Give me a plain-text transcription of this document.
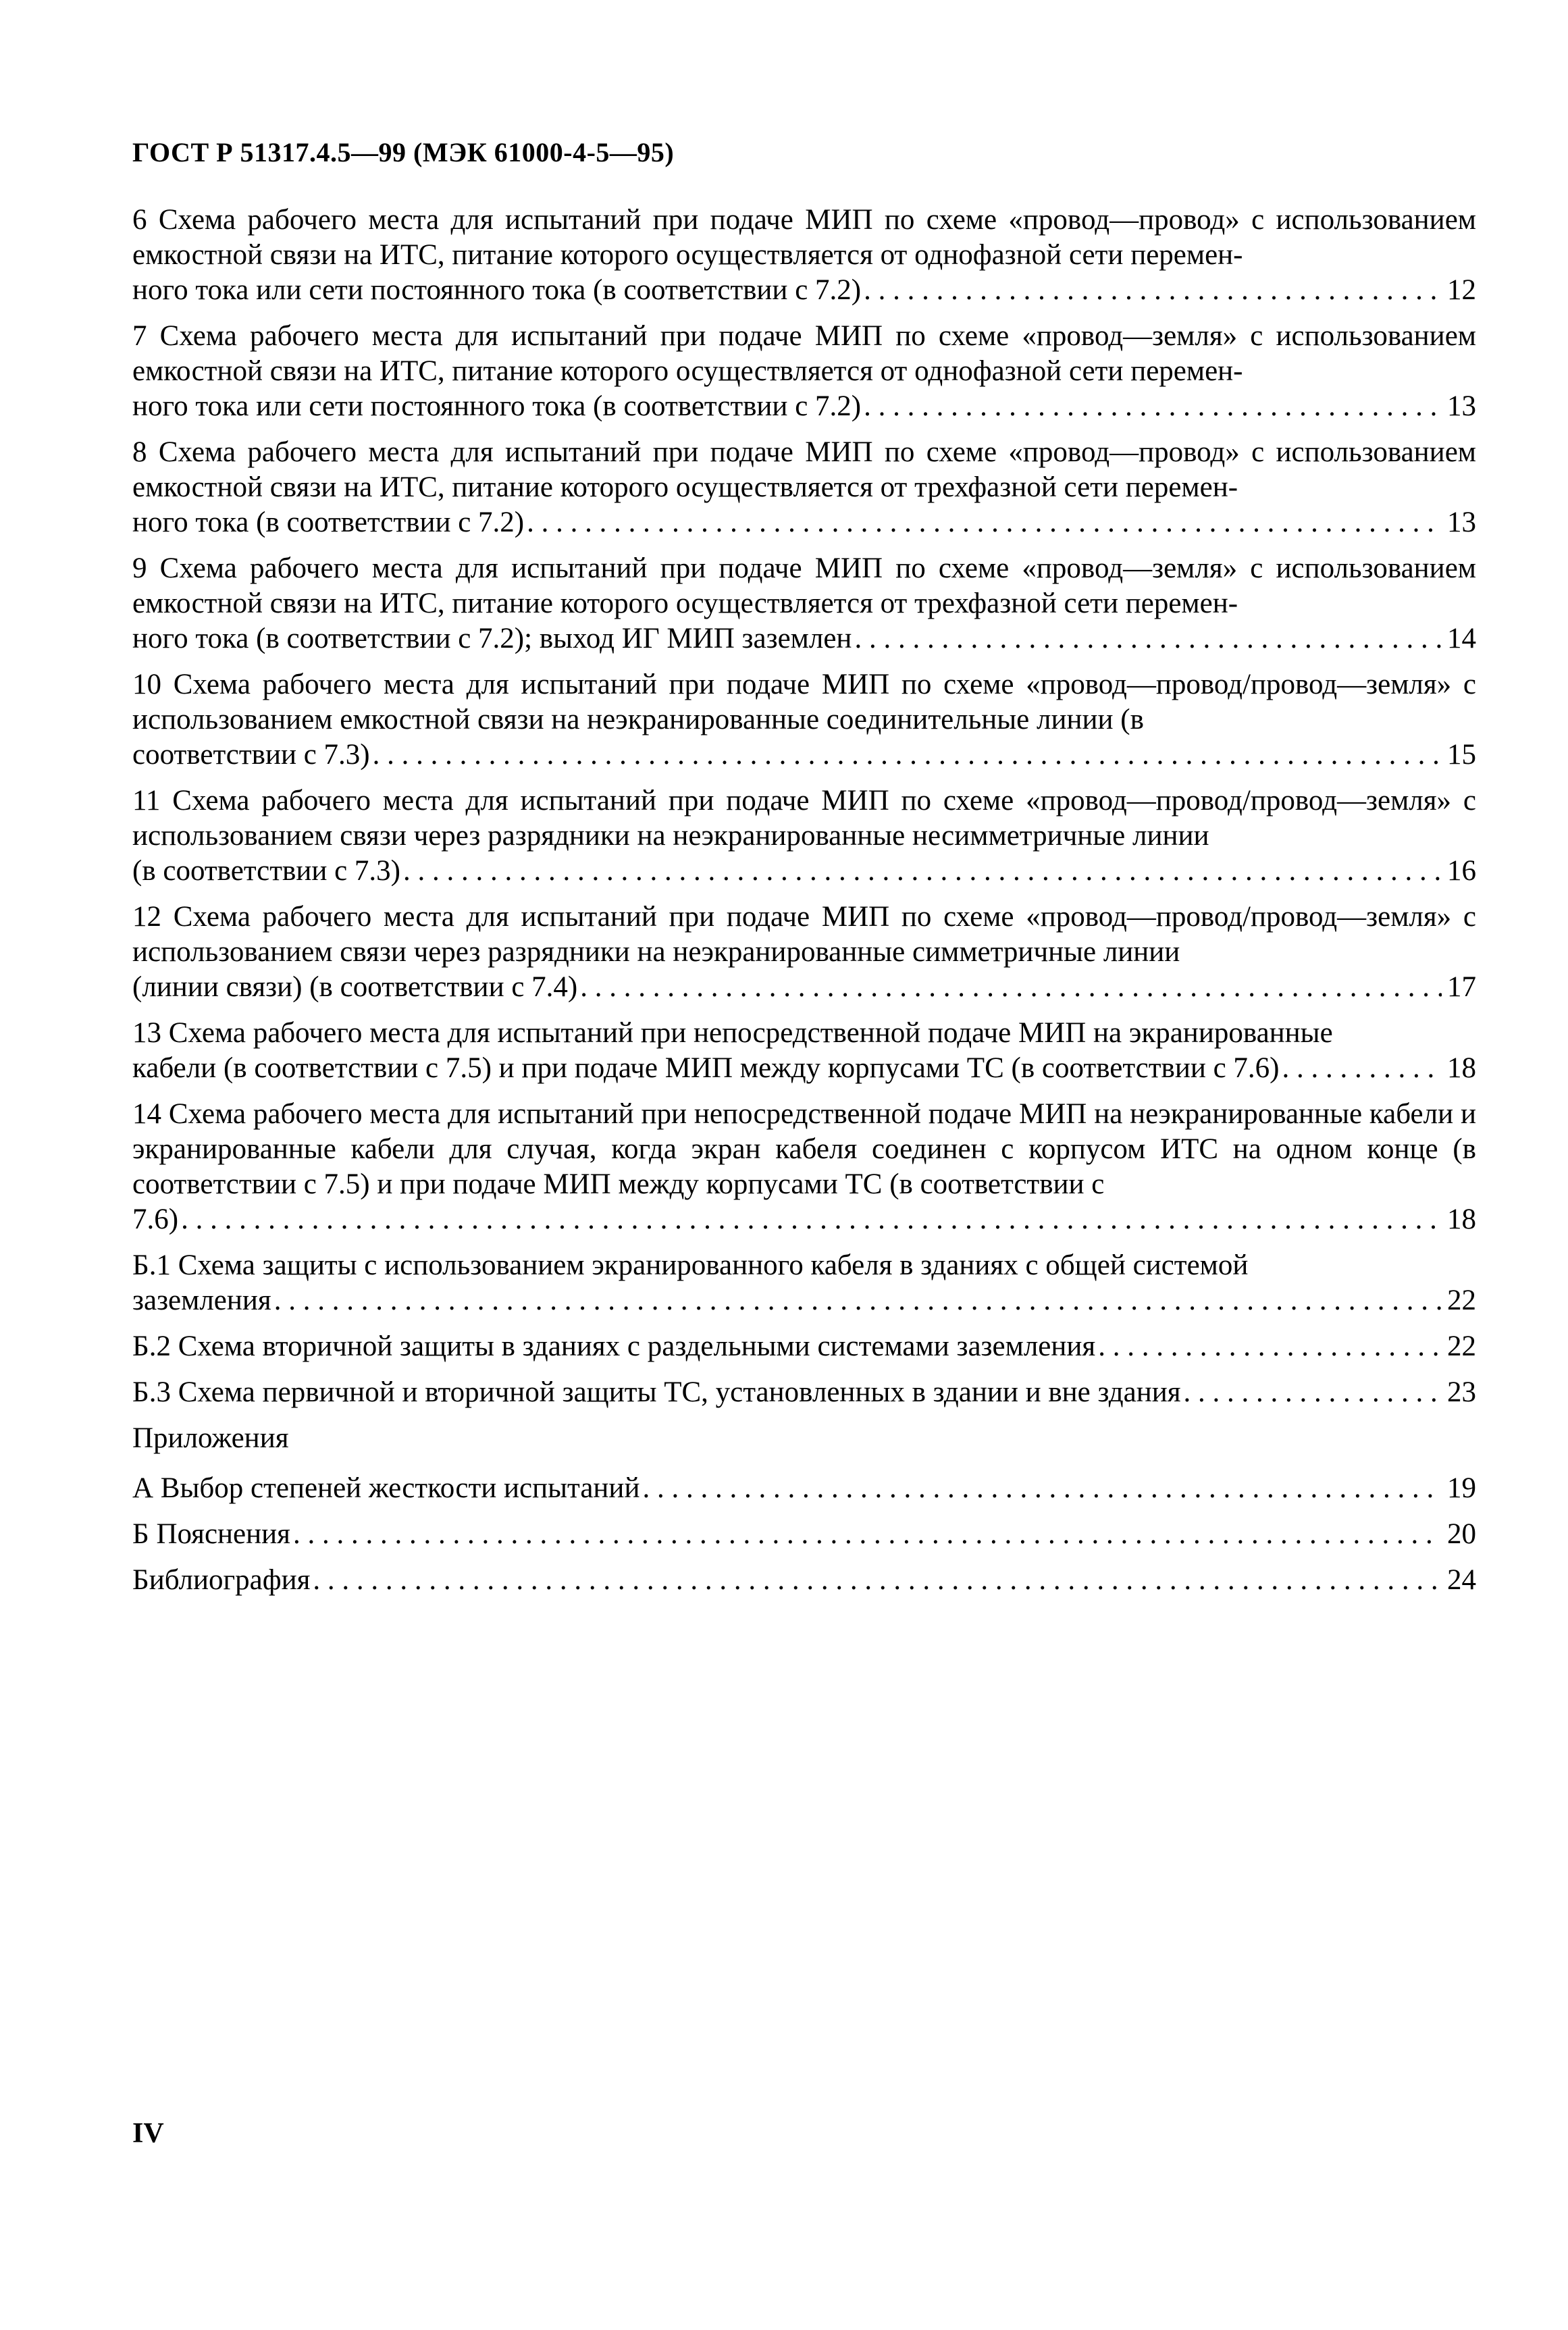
ГОСТ Р 51317.4.5—99 (МЭК 61000-4-5—95)
6 Схема рабочего места для испытаний при подаче МИП по схеме «провод—провод» с использованием емкостной связи на ИТС, питание которого осуществляется от однофазной сети перемен-
ного тока или сети постоянного тока (в соответствии с 7.2) . . .	12
7 Схема рабочего места для испытаний при подаче МИП по схеме «провод—земля» с использованием емкостной связи на ИТС, питание которого осуществляется от однофазной сети перемен-
ного тока или сети постоянного тока (в соответствии с 7.2) . . .	13
8 Схема рабочего места для испытаний при подаче МИП по схеме «провод—провод» с использованием емкостной связи на ИТС, питание которого осуществляется от трехфазной сети перемен-
ного тока (в соответствии с 7.2) . . .	13
9 Схема рабочего места для испытаний при подаче МИП по схеме «провод—земля» с использованием емкостной связи на ИТС, питание которого осуществляется от трехфазной сети перемен-
ного тока (в соответствии с 7.2); выход ИГ МИП заземлен . . .	14
10 Схема рабочего места для испытаний при подаче МИП по схеме «провод—провод/провод—земля» с использованием емкостной связи на неэкранированные соединительные линии (в
соответствии с 7.3) . . .	15
11 Схема рабочего места для испытаний при подаче МИП по схеме «провод—провод/провод—земля» с использованием связи через разрядники на неэкранированные несимметричные линии
(в соответствии с 7.3) . . .	16
12 Схема рабочего места для испытаний при подаче МИП по схеме «провод—провод/провод—земля» с использованием связи через разрядники на неэкранированные симметричные линии
(линии связи) (в соответствии с 7.4) . . .	17
13 Схема рабочего места для испытаний при непосредственной подаче МИП на экранированные
кабели (в соответствии с 7.5) и при подаче МИП между корпусами ТС (в соответствии с 7.6) . . .	18
14 Схема рабочего места для испытаний при непосредственной подаче МИП на неэкранированные кабели и экранированные кабели для случая, когда экран кабеля соединен с корпусом ИТС на одном конце (в соответствии с 7.5) и при подаче МИП между корпусами ТС (в соответствии с
7.6) . . .	18
Б.1 Схема защиты с использованием экранированного кабеля в зданиях с общей системой
заземления . . .	22
Б.2 Схема вторичной защиты в зданиях с раздельными системами заземления . . .	22
Б.3 Схема первичной и вторичной защиты ТС, установленных в здании и вне здания . . .	23
Приложения
А Выбор степеней жесткости испытаний . . .	19
Б Пояснения . . .	20
Библиография . . .	24
IV
